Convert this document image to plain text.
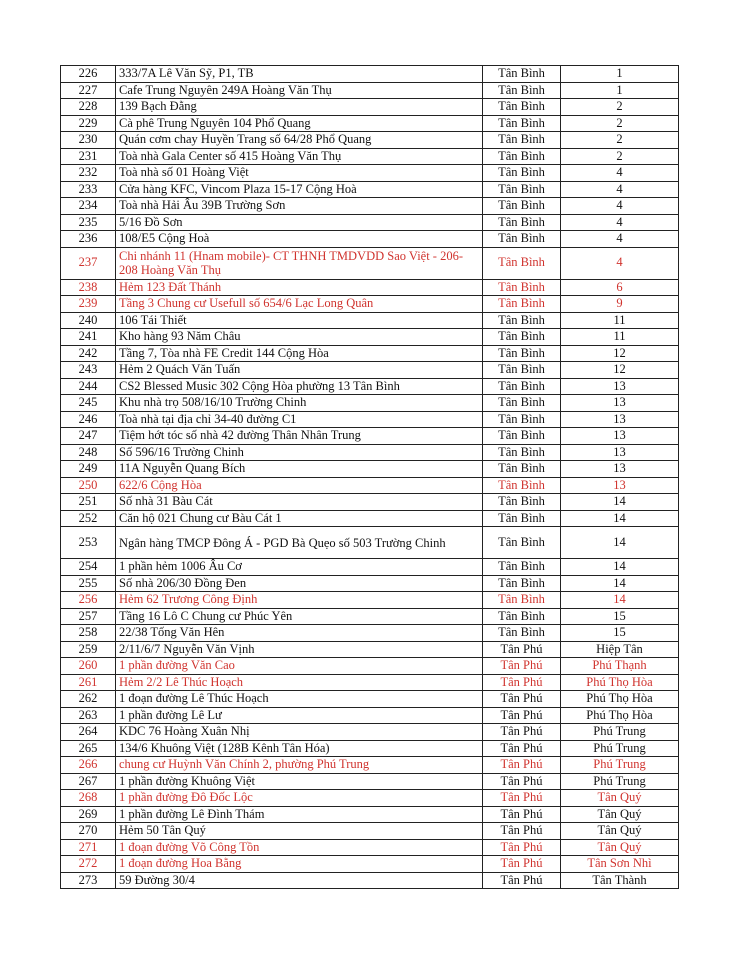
226	333/7A Lê Văn Sỹ, P1, TB	Tân Bình	1
227	Cafe Trung Nguyên 249A Hoàng Văn Thụ	Tân Bình	1
228	139 Bạch Đằng	Tân Bình	2
229	Cà phê Trung Nguyên 104 Phổ Quang	Tân Bình	2
230	Quán cơm chay Huyền Trang số 64/28 Phổ Quang	Tân Bình	2
231	Toà nhà Gala Center số 415 Hoàng Văn Thụ	Tân Bình	2
232	Toà nhà số 01 Hoàng Việt	Tân Bình	4
233	Cửa hàng KFC, Vincom Plaza 15-17 Cộng Hoà	Tân Bình	4
234	Toà nhà Hải Âu 39B Trường Sơn	Tân Bình	4
235	5/16 Đồ Sơn	Tân Bình	4
236	108/E5 Cộng Hoà	Tân Bình	4
237	Chi nhánh 11 (Hnam mobile)- CT THNH TMDVDD Sao Việt - 206-208 Hoàng Văn Thụ	Tân Bình	4
238	Hẻm 123 Đất Thánh	Tân Bình	6
239	Tầng 3 Chung cư Usefull số 654/6 Lạc Long Quân	Tân Bình	9
240	106 Tái Thiết	Tân Bình	11
241	Kho hàng 93 Năm Châu	Tân Bình	11
242	Tầng 7, Tòa nhà FE Credit 144 Cộng Hòa	Tân Bình	12
243	Hẻm 2 Quách Văn Tuấn	Tân Bình	12
244	CS2 Blessed Music 302 Cộng Hòa phường 13 Tân Bình	Tân Bình	13
245	Khu nhà trọ 508/16/10 Trường Chinh	Tân Bình	13
246	Toà nhà tại địa chỉ 34-40 đường C1	Tân Bình	13
247	Tiệm hớt tóc số nhà 42 đường Thân Nhân Trung	Tân Bình	13
248	Số 596/16 Trường Chinh	Tân Bình	13
249	11A Nguyễn Quang Bích	Tân Bình	13
250	622/6 Cộng Hòa	Tân Bình	13
251	Số nhà 31 Bàu Cát	Tân Bình	14
252	Căn hộ 021 Chung cư Bàu Cát 1	Tân Bình	14
253	Ngân hàng TMCP Đông Á - PGD Bà Quẹo số 503 Trường Chinh	Tân Bình	14
254	1 phần hẻm 1006 Âu Cơ	Tân Bình	14
255	Số nhà 206/30 Đồng Đen	Tân Bình	14
256	Hẻm 62 Trương Công Định	Tân Bình	14
257	Tầng 16 Lô C Chung cư Phúc Yên	Tân Bình	15
258	22/38 Tống Văn Hên	Tân Bình	15
259	2/11/6/7 Nguyễn Văn Vịnh	Tân Phú	Hiệp Tân
260	1 phần đường Văn Cao	Tân Phú	Phú Thạnh
261	Hẻm 2/2 Lê Thúc Hoạch	Tân Phú	Phú Thọ Hòa
262	1 đoạn đường Lê Thúc Hoạch	Tân Phú	Phú Thọ Hòa
263	1 phần đường Lê Lư	Tân Phú	Phú Thọ Hòa
264	KDC 76 Hoàng Xuân Nhị	Tân Phú	Phú Trung
265	134/6 Khuông Việt (128B Kênh Tân Hóa)	Tân Phú	Phú Trung
266	chung cư Huỳnh Văn Chính 2, phường Phú Trung	Tân Phú	Phú Trung
267	1 phần đường Khuông Việt	Tân Phú	Phú Trung
268	1 phần đường Đô Đốc Lộc	Tân Phú	Tân Quý
269	1 phần đường Lê Đình Thám	Tân Phú	Tân Quý
270	Hẻm 50 Tân Quý	Tân Phú	Tân Quý
271	1 đoạn đường Võ Công Tồn	Tân Phú	Tân Quý
272	1 đoạn đường Hoa Bằng	Tân Phú	Tân Sơn Nhì
273	59 Đường 30/4	Tân Phú	Tân Thành
